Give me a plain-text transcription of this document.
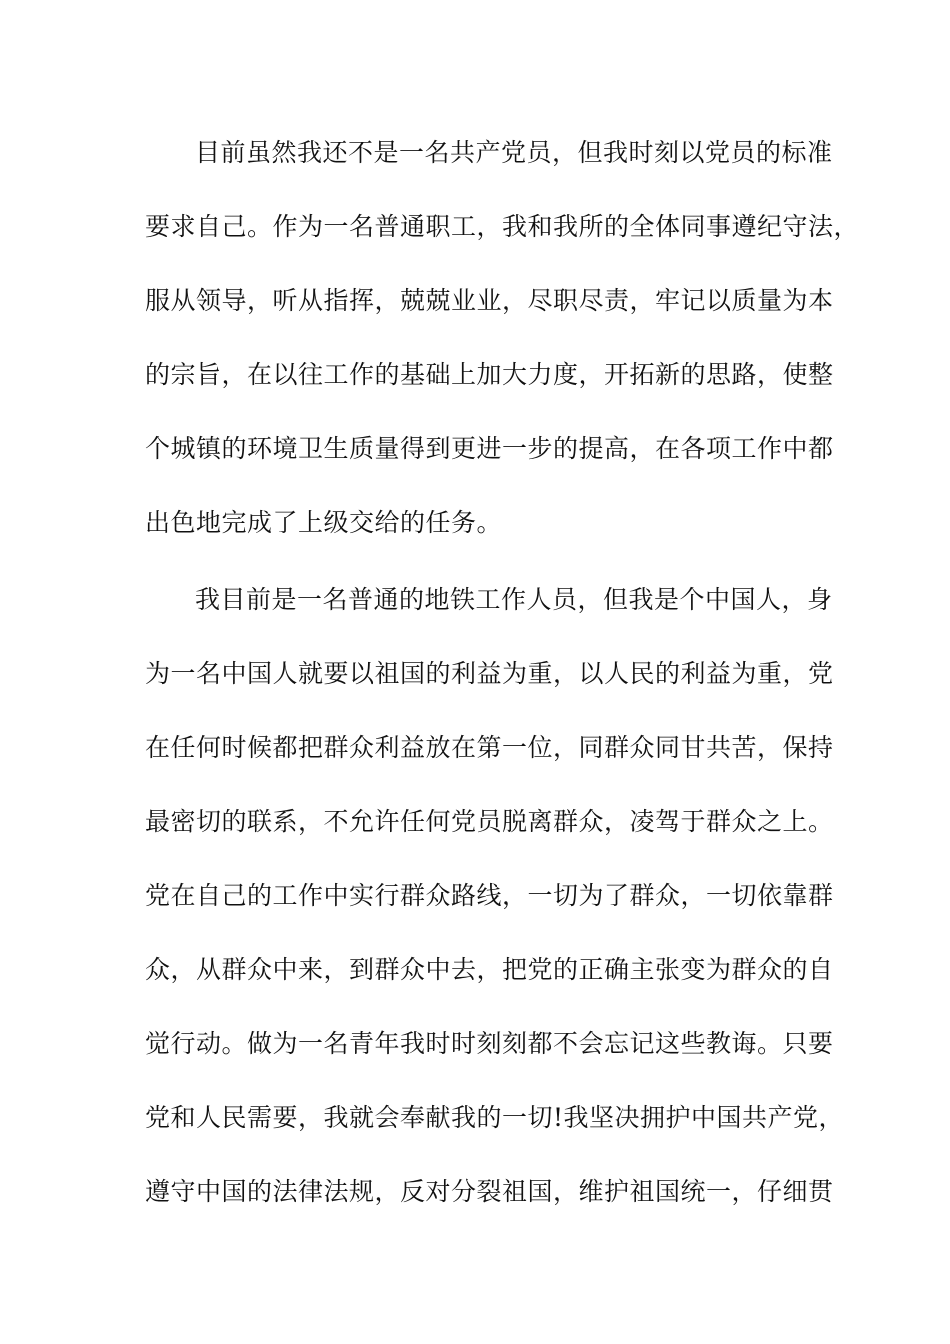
目前虽然我还不是一名共产党员，但我时刻以党员的标准
要求自己。作为一名普通职工，我和我所的全体同事遵纪守法，
服从领导，听从指挥，兢兢业业，尽职尽责，牢记以质量为本
的宗旨，在以往工作的基础上加大力度，开拓新的思路，使整
个城镇的环境卫生质量得到更进一步的提高，在各项工作中都
出色地完成了上级交给的任务。
我目前是一名普通的地铁工作人员，但我是个中国人，身
为一名中国人就要以祖国的利益为重，以人民的利益为重，党
在任何时候都把群众利益放在第一位，同群众同甘共苦，保持
最密切的联系，不允许任何党员脱离群众，凌驾于群众之上。
党在自己的工作中实行群众路线，一切为了群众，一切依靠群
众，从群众中来，到群众中去，把党的正确主张变为群众的自
觉行动。做为一名青年我时时刻刻都不会忘记这些教诲。只要
党和人民需要，我就会奉献我的一切!我坚决拥护中国共产党，
遵守中国的法律法规，反对分裂祖国，维护祖国统一，仔细贯
